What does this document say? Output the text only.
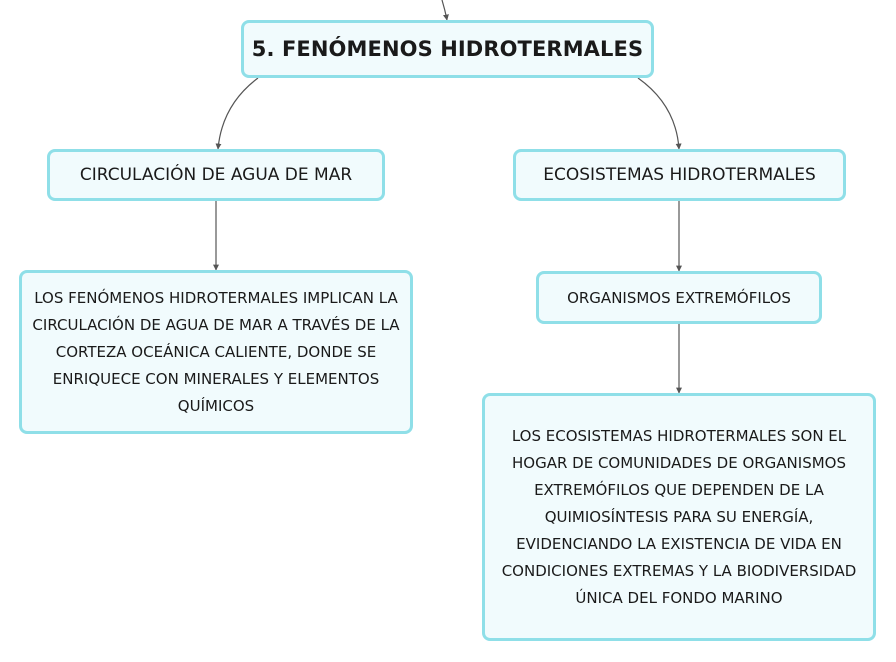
5. FENÓMENOS HIDROTERMALES
CIRCULACIÓN DE AGUA DE MAR	ECOSISTEMAS HIDROTERMALES
LOS FENÓMENOS HIDROTERMALES IMPLICAN LA CIRCULACIÓN DE AGUA DE MAR A TRAVÉS DE LA CORTEZA OCEÁNICA CALIENTE, DONDE SE ENRIQUECE CON MINERALES Y ELEMENTOS QUÍMICOS
ORGANISMOS EXTREMÓFILOS
LOS ECOSISTEMAS HIDROTERMALES SON EL HOGAR DE COMUNIDADES DE ORGANISMOS EXTREMÓFILOS QUE DEPENDEN DE LA QUIMIOSÍNTESIS PARA SU ENERGÍA, EVIDENCIANDO LA EXISTENCIA DE VIDA EN CONDICIONES EXTREMAS Y LA BIODIVERSIDAD ÚNICA DEL FONDO MARINO
